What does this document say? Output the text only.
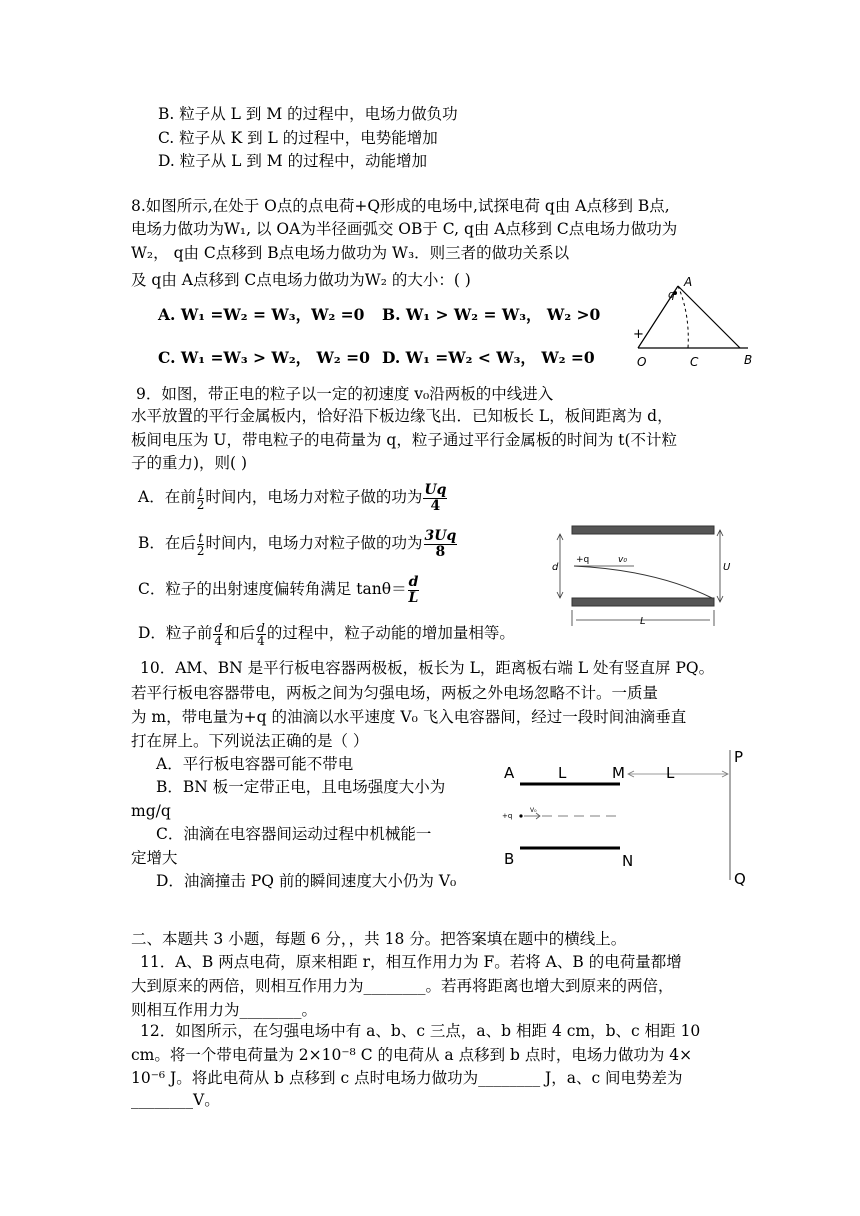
B. 粒子从 L 到 M 的过程中，电场力做负功
C. 粒子从 K 到 L 的过程中，电势能增加
D. 粒子从 L 到 M 的过程中，动能增加
8.如图所示,在处于 O点的点电荷+Q形成的电场中,试探电荷 q由 A点移到 B点,
电场力做功为W₁, 以 OA为半径画弧交 OB于 C, q由 A点移到 C点电场力做功为
W₂， q由 C点移到 B点电场力做功为 W₃．则三者的做功关系以
及 q由 A点移到 C点电场力做功为W₂ 的大小：( )
A. W₁ =W₂ = W₃，W₂ =0 B. W₁ > W₂ = W₃， W₂ >0
C. W₁ =W₃ > W₂， W₂ =0 D. W₁ =W₂ < W₃， W₂ =0
A
q
+
O	C	B
9．如图，带正电的粒子以一定的初速度 v₀沿两板的中线进入
水平放置的平行金属板内，恰好沿下板边缘飞出．已知板长 L，板间距离为 d，
板间电压为 U，带电粒子的电荷量为 q，粒子通过平行金属板的时间为 t(不计粒
子的重力)，则( )
A．在前 $\frac{t}{2}$ 时间内，电场力对粒子做的功为 $\frac{Uq}{4}$
B．在后 $\frac{t}{2}$ 时间内，电场力对粒子做的功为 $\frac{3Uq}{8}$
C．粒子的出射速度偏转角满足 $\tan\theta= \frac{d}{L}$
D．粒子前 $\frac{d}{4}$ 和后 $\frac{d}{4}$ 的过程中，粒子动能的增加量相等。
+q	v₀
d	U
L
10．AM、BN 是平行板电容器两极板，板长为 L，距离板右端 L 处有竖直屏 PQ。
若平行板电容器带电，两板之间为匀强电场，两板之外电场忽略不计。一质量
为 m，带电量为+q 的油滴以水平速度 V₀ 飞入电容器间，经过一段时间油滴垂直
打在屏上。下列说法正确的是（ ）
A．平行板电容器可能不带电
B．BN 板一定带正电，且电场强度大小为
mg/q
C．油滴在电容器间运动过程中机械能一
定增大
D．油滴撞击 PQ 前的瞬间速度大小仍为 V₀
A	L	M	L
P
+q
V₀
B	N
Q
二、本题共 3 小题，每题 6 分，，共 18 分。把答案填在题中的横线上。
11．A、B 两点电荷，原来相距 r，相互作用力为 F。若将 A、B 的电荷量都增
大到原来的两倍，则相互作用力为________。若再将距离也增大到原来的两倍，
则相互作用力为________。
12．如图所示，在匀强电场中有 a、b、c 三点，a、b 相距 4 cm，b、c 相距 10
cm。将一个带电荷量为 2×10⁻⁸ C 的电荷从 a 点移到 b 点时，电场力做功为 4×
10⁻⁶ J。将此电荷从 b 点移到 c 点时电场力做功为________ J，a、c 间电势差为
________V。
